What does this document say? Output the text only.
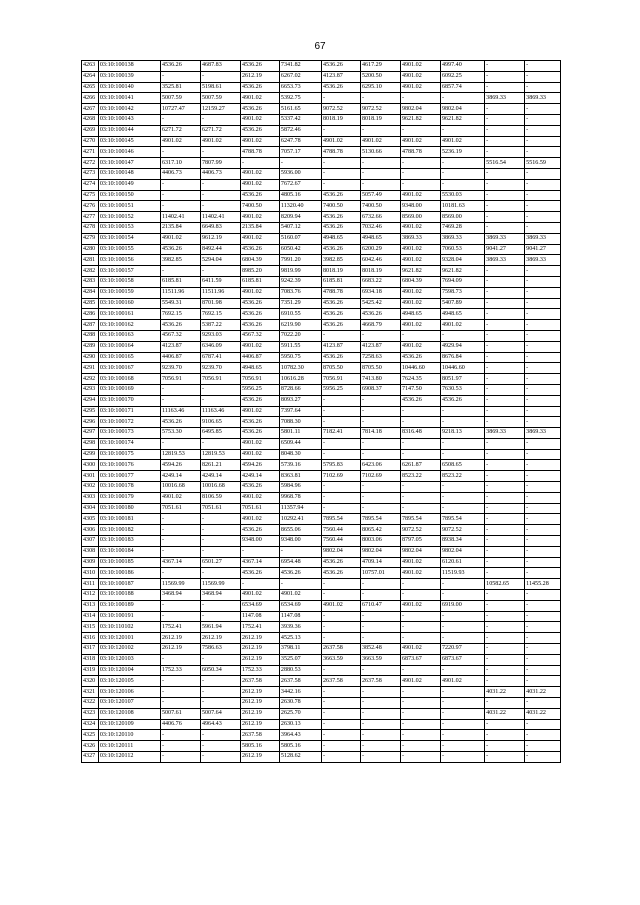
67
4263	03:10:100138	4536.26	4687.83	4536.26	7341.82	4536.26	4617.29	4901.02	4997.40	-	-
4264	03:10:100139	-	-	2612.19	6267.02	4123.87	5200.50	4901.02	6092.25	-	-
4265	03:10:100140	3525.81	5198.61	4536.26	6653.73	4536.26	6295.10	4901.02	6857.74	-	-
4266	03:10:100141	5007.59	5007.59	4901.02	5392.75	-	-	-	-	3869.33	3869.33
4267	03:10:100142	10727.47	12159.27	4536.26	5161.65	9072.52	9072.52	9802.04	9802.04	-	-
4268	03:10:100143	-	-	4901.02	5337.42	8018.19	8018.19	9621.82	9621.82	-	-
4269	03:10:100144	6271.72	6271.72	4536.26	5872.46	-	-	-	-	-	-
4270	03:10:100145	4901.02	4901.02	4901.02	6247.78	4901.02	4901.02	4901.02	4901.02	-	-
4271	03:10:100146	-	-	4788.78	7057.17	4788.78	5130.66	4788.78	5236.19	-	-
4272	03:10:100147	6317.10	7807.99	-	-	-	-	-	-	5516.54	5516.59
4273	03:10:100148	4406.73	4406.73	4901.02	5936.00	-	-	-	-	-	-
4274	03:10:100149	-	-	4901.02	7672.67	-	-	-	-	-	-
4275	03:10:100150	-	-	4536.26	4805.16	4536.26	5057.49	4901.02	5530.03	-	-
4276	03:10:100151	-	-	7400.50	11320.40	7400.50	7400.50	9348.00	10181.63	-	-
4277	03:10:100152	11402.41	11402.41	4901.02	8209.94	4536.26	6732.66	8569.00	8569.00	-	-
4278	03:10:100153	2135.84	6649.83	2135.84	5407.12	4536.26	7032.46	4901.02	7469.28	-	-
4279	03:10:100154	4901.02	9612.19	4901.02	5160.07	4948.65	4948.65	3869.33	3869.33	3869.33	3869.33
4280	03:10:100155	4536.26	8492.44	4536.26	6050.42	4536.26	6200.29	4901.02	7060.53	9041.27	9041.27
4281	03:10:100156	3982.85	5294.04	6804.39	7991.20	3982.85	6042.46	4901.02	9328.04	3869.33	3869.33
4282	03:10:100157	-	-	8985.20	9819.99	8018.19	8018.19	9621.82	9621.82	-	-
4283	03:10:100158	6185.81	6411.59	6185.81	9242.39	6185.81	6683.22	6804.39	7694.09	-	-
4284	03:10:100159	11511.96	11511.96	4901.02	7083.76	4788.78	6934.18	4901.02	7598.73	-	-
4285	03:10:100160	5549.31	8701.98	4536.26	7351.29	4536.26	5425.42	4901.02	5407.89	-	-
4286	03:10:100161	7692.15	7692.15	4536.26	6910.55	4536.26	4536.26	4948.65	4948.65	-	-
4287	03:10:100162	4536.26	5387.22	4536.26	6219.90	4536.26	4668.79	4901.02	4901.02	-	-
4288	03:10:100163	4567.32	9293.03	4567.32	7022.20	-	-	-	-	-	-
4289	03:10:100164	4123.87	6346.09	4901.02	5911.55	4123.87	4123.87	4901.02	4929.94	-	-
4290	03:10:100165	4406.87	6787.41	4406.87	5950.75	4536.26	7258.63	4536.26	8676.84	-	-
4291	03:10:100167	9239.70	9239.70	4948.65	10782.30	8705.50	8705.50	10446.60	10446.60	-	-
4292	03:10:100168	7056.91	7056.91	7056.91	10616.28	7056.91	7413.80	7624.35	8051.97	-	-
4293	03:10:100169	-	-	5956.25	8728.66	5956.25	6908.37	7147.50	7630.53	-	-
4294	03:10:100170	-	-	4536.26	8093.27	-	-	4536.26	4536.26	-	-
4295	03:10:100171	11163.46	11163.46	4901.02	7397.64	-	-	-	-	-	-
4296	03:10:100172	4536.26	9106.65	4536.26	7088.30	-	-	-	-	-	-
4297	03:10:100173	5753.30	6495.85	4536.26	5801.11	7182.41	7814.18	8316.48	9218.13	3869.33	3869.33
4298	03:10:100174	-	-	4901.02	6509.44	-	-	-	-	-	-
4299	03:10:100175	12819.53	12819.53	4901.02	8048.30	-	-	-	-	-	-
4300	03:10:100176	4594.26	8261.21	4594.26	5739.16	5795.83	6423.06	6261.87	6508.65	-	-
4301	03:10:100177	4249.14	4249.14	4249.14	8363.81	7102.69	7102.69	8523.22	8523.22	-	-
4302	03:10:100178	10016.68	10016.68	4536.26	5984.96	-	-	-	-	-	-
4303	03:10:100179	4901.02	8106.59	4901.02	9968.78	-	-	-	-	-	-
4304	03:10:100180	7051.61	7051.61	7051.61	11357.94	-	-	-	-	-	-
4305	03:10:100181	-	-	4901.02	10292.41	7895.54	7895.54	7895.54	7895.54	-	-
4306	03:10:100182	-	-	4536.26	8655.06	7560.44	8065.42	9072.52	9072.52	-	-
4307	03:10:100183	-	-	9348.00	9348.00	7560.44	8003.06	8797.05	8938.34	-	-
4308	03:10:100184	-	-	-	-	9802.04	9802.04	9802.04	9802.04	-	-
4309	03:10:100185	4367.14	6501.27	4367.14	6954.48	4536.26	4709.14	4901.02	6120.61	-	-
4310	03:10:100186	-	-	4536.26	4536.26	4536.26	10757.01	4901.02	11519.93	-	-
4311	03:10:100187	11569.99	11569.99	-	-	-	-	-	-	10582.65	11455.28
4312	03:10:100188	3468.94	3468.94	4901.02	4901.02	-	-	-	-	-	-
4313	03:10:100189	-	-	6534.69	6534.69	4901.02	6710.47	4901.02	6919.00	-	-
4314	03:10:100191	-	-	1147.08	1147.08	-	-	-	-	-	-
4315	03:10:110102	1752.41	5961.94	1752.41	3939.36	-	-	-	-	-	-
4316	03:10:120101	2612.19	2612.19	2612.19	4525.13	-	-	-	-	-	-
4317	03:10:120102	2612.19	7586.63	2612.19	3798.11	2637.58	3852.48	4901.02	7220.97	-	-
4318	03:10:120103	-	-	2612.19	3525.07	3663.59	3663.59	6873.67	6873.67	-	-
4319	03:10:120104	1752.33	6050.34	1752.33	2880.53	-	-	-	-	-	-
4320	03:10:120105	-	-	2637.58	2637.58	2637.58	2637.58	4901.02	4901.02	-	-
4321	03:10:120106	-	-	2612.19	3442.16	-	-	-	-	4031.22	4031.22
4322	03:10:120107	-	-	2612.19	2630.78	-	-	-	-	-	-
4323	03:10:120108	5007.61	5007.64	2612.19	2625.70	-	-	-	-	4031.22	4031.22
4324	03:10:120109	4406.76	4964.43	2612.19	2630.13	-	-	-	-	-	-
4325	03:10:120110	-	-	2637.58	3964.43	-	-	-	-	-	-
4326	03:10:120111	-	-	5805.16	5805.16	-	-	-	-	-	-
4327	03:10:120112	-	-	2612.19	5128.62	-	-	-	-	-	-
